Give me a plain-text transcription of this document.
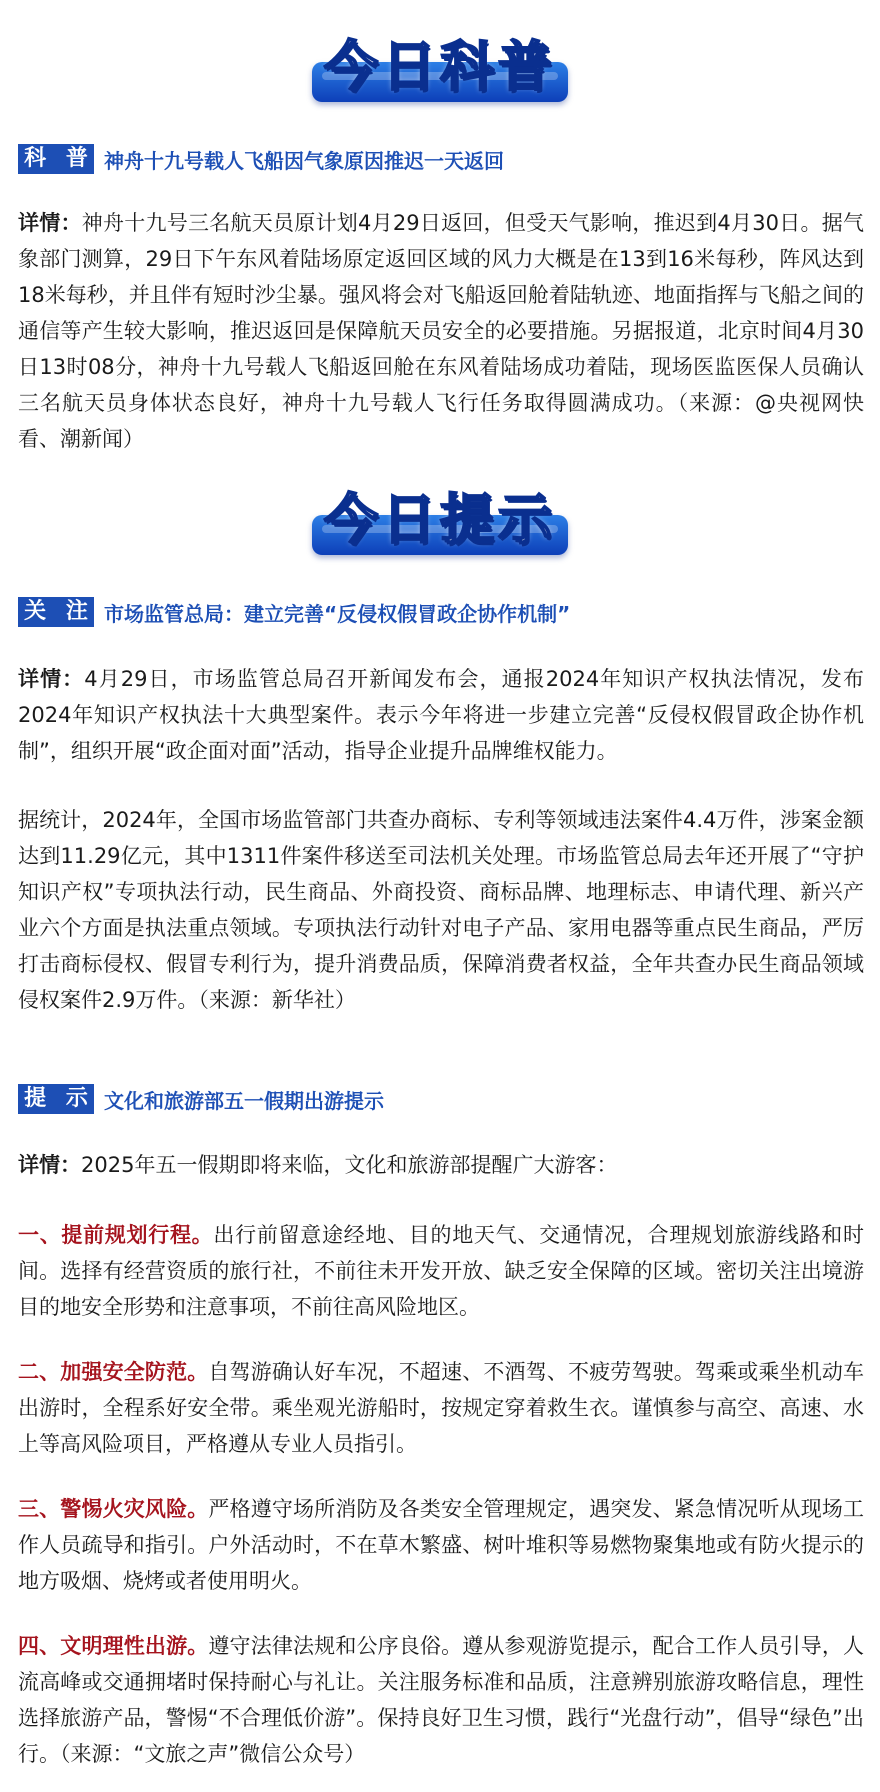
今日科普
科 普 神舟十九号载人飞船因气象原因推迟一天返回

详情：神舟十九号三名航天员原计划4月29日返回，但受天气影响，推迟到4月30日。据气象部门测算，29日下午东风着陆场原定返回区域的风力大概是在13到16米每秒，阵风达到18米每秒，并且伴有短时沙尘暴。强风将会对飞船返回舱着陆轨迹、地面指挥与飞船之间的通信等产生较大影响，推迟返回是保障航天员安全的必要措施。另据报道，北京时间4月30日13时08分，神舟十九号载人飞船返回舱在东风着陆场成功着陆，现场医监医保人员确认三名航天员身体状态良好，神舟十九号载人飞行任务取得圆满成功。（来源：@央视网快看、潮新闻）

今日提示
关 注 市场监管总局：建立完善“反侵权假冒政企协作机制”

详情：4月29日，市场监管总局召开新闻发布会，通报2024年知识产权执法情况，发布2024年知识产权执法十大典型案件。表示今年将进一步建立完善“反侵权假冒政企协作机制”，组织开展“政企面对面”活动，指导企业提升品牌维权能力。

据统计，2024年，全国市场监管部门共查办商标、专利等领域违法案件4.4万件，涉案金额达到11.29亿元，其中1311件案件移送至司法机关处理。市场监管总局去年还开展了“守护知识产权”专项执法行动，民生商品、外商投资、商标品牌、地理标志、申请代理、新兴产业六个方面是执法重点领域。专项执法行动针对电子产品、家用电器等重点民生商品，严厉打击商标侵权、假冒专利行为，提升消费品质，保障消费者权益，全年共查办民生商品领域侵权案件2.9万件。（来源：新华社）

提 示 文化和旅游部五一假期出游提示

详情：2025年五一假期即将来临，文化和旅游部提醒广大游客：

一、提前规划行程。出行前留意途经地、目的地天气、交通情况，合理规划旅游线路和时间。选择有经营资质的旅行社，不前往未开发开放、缺乏安全保障的区域。密切关注出境游目的地安全形势和注意事项，不前往高风险地区。

二、加强安全防范。自驾游确认好车况，不超速、不酒驾、不疲劳驾驶。驾乘或乘坐机动车出游时，全程系好安全带。乘坐观光游船时，按规定穿着救生衣。谨慎参与高空、高速、水上等高风险项目，严格遵从专业人员指引。

三、警惕火灾风险。严格遵守场所消防及各类安全管理规定，遇突发、紧急情况听从现场工作人员疏导和指引。户外活动时，不在草木繁盛、树叶堆积等易燃物聚集地或有防火提示的地方吸烟、烧烤或者使用明火。

四、文明理性出游。遵守法律法规和公序良俗。遵从参观游览提示，配合工作人员引导，人流高峰或交通拥堵时保持耐心与礼让。关注服务标准和品质，注意辨别旅游攻略信息，理性选择旅游产品，警惕“不合理低价游”。保持良好卫生习惯，践行“光盘行动”，倡导“绿色”出行。（来源：“文旅之声”微信公众号）
